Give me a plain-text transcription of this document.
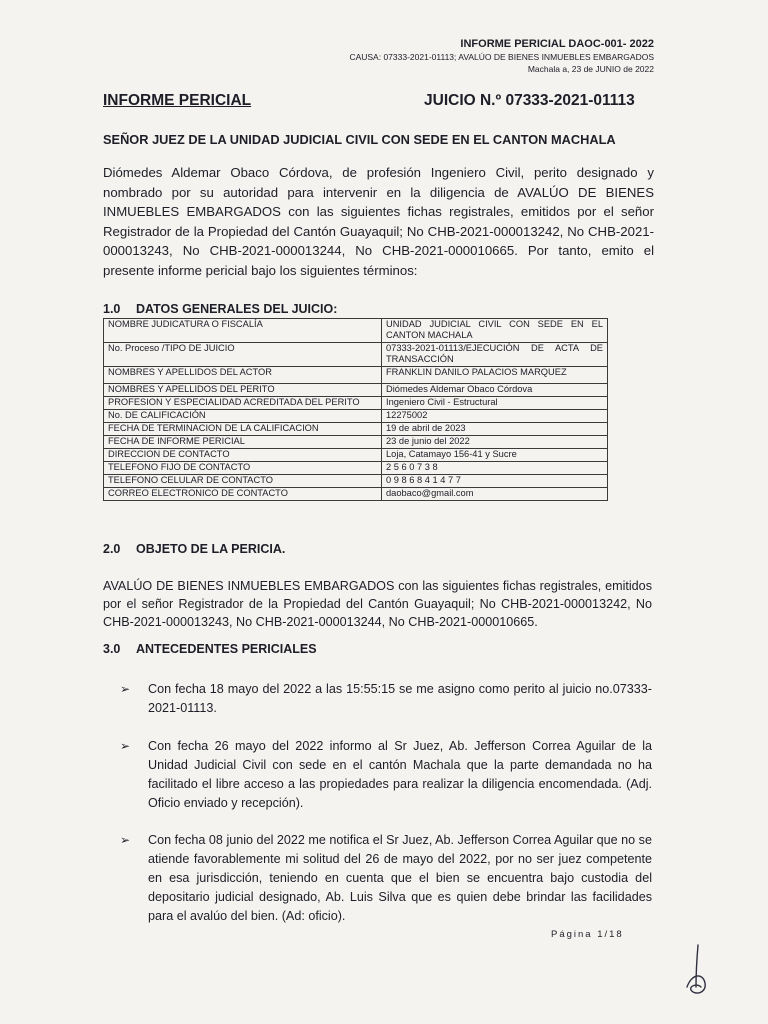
INFORME PERICIAL DAOC-001- 2022
CAUSA: 07333-2021-01113; AVALÚO DE BIENES INMUEBLES EMBARGADOS
Machala a, 23 de JUNIO de 2022
INFORME PERICIAL	JUICIO N.º 07333-2021-01113
SEÑOR JUEZ DE LA UNIDAD JUDICIAL CIVIL CON SEDE EN EL CANTON MACHALA
Diómedes Aldemar Obaco Córdova, de profesión Ingeniero Civil, perito designado y nombrado por su autoridad para intervenir en la diligencia de AVALÚO DE BIENES INMUEBLES EMBARGADOS con las siguientes fichas registrales, emitidos por el señor Registrador de la Propiedad del Cantón Guayaquil; No CHB-2021-000013242, No CHB-2021-000013243, No CHB-2021-000013244, No CHB-2021-000010665. Por tanto, emito el presente informe pericial bajo los siguientes términos:
1.0 DATOS GENERALES DEL JUICIO:
NOMBRE JUDICATURA O FISCALÍA	UNIDAD JUDICIAL CIVIL CON SEDE EN EL CANTON MACHALA
No. Proceso /TIPO DE JUICIO	07333-2021-01113/EJECUCIÓN DE ACTA DE TRANSACCIÓN
NOMBRES Y APELLIDOS DEL ACTOR	FRANKLIN DANILO PALACIOS MARQUEZ
NOMBRES Y APELLIDOS DEL PERITO	Diómedes Aldemar Obaco Córdova
PROFESION Y ESPECIALIDAD ACREDITADA DEL PERITO	Ingeniero Civil - Estructural
No. DE CALIFICACIÓN	12275002
FECHA DE TERMINACION DE LA CALIFICACION	19 de abril de 2023
FECHA DE INFORME PERICIAL	23 de junio del 2022
DIRECCION DE CONTACTO	Loja, Catamayo 156-41 y Sucre
TELEFONO FIJO DE CONTACTO	2 5 6 0 7 3 8
TELEFONO CELULAR DE CONTACTO	0 9 8 6 8 4 1 4 7 7
CORREO ELECTRONICO DE CONTACTO	daobaco@gmail.com
2.0 OBJETO DE LA PERICIA.
AVALÚO DE BIENES INMUEBLES EMBARGADOS con las siguientes fichas registrales, emitidos por el señor Registrador de la Propiedad del Cantón Guayaquil; No CHB-2021-000013242, No CHB-2021-000013243, No CHB-2021-000013244, No CHB-2021-000010665.
3.0 ANTECEDENTES PERICIALES
➢ Con fecha 18 mayo del 2022 a las 15:55:15 se me asigno como perito al juicio no.07333-2021-01113.
➢ Con fecha 26 mayo del 2022 informo al Sr Juez, Ab. Jefferson Correa Aguilar de la Unidad Judicial Civil con sede en el cantón Machala que la parte demandada no ha facilitado el libre acceso a las propiedades para realizar la diligencia encomendada. (Adj. Oficio enviado y recepción).
➢ Con fecha 08 junio del 2022 me notifica el Sr Juez, Ab. Jefferson Correa Aguilar que no se atiende favorablemente mi solitud del 26 de mayo del 2022, por no ser juez competente en esa jurisdicción, teniendo en cuenta que el bien se encuentra bajo custodia del depositario judicial designado, Ab. Luis Silva que es quien debe brindar las facilidades para el avalúo del bien. (Ad: oficio).
Página 1/18
